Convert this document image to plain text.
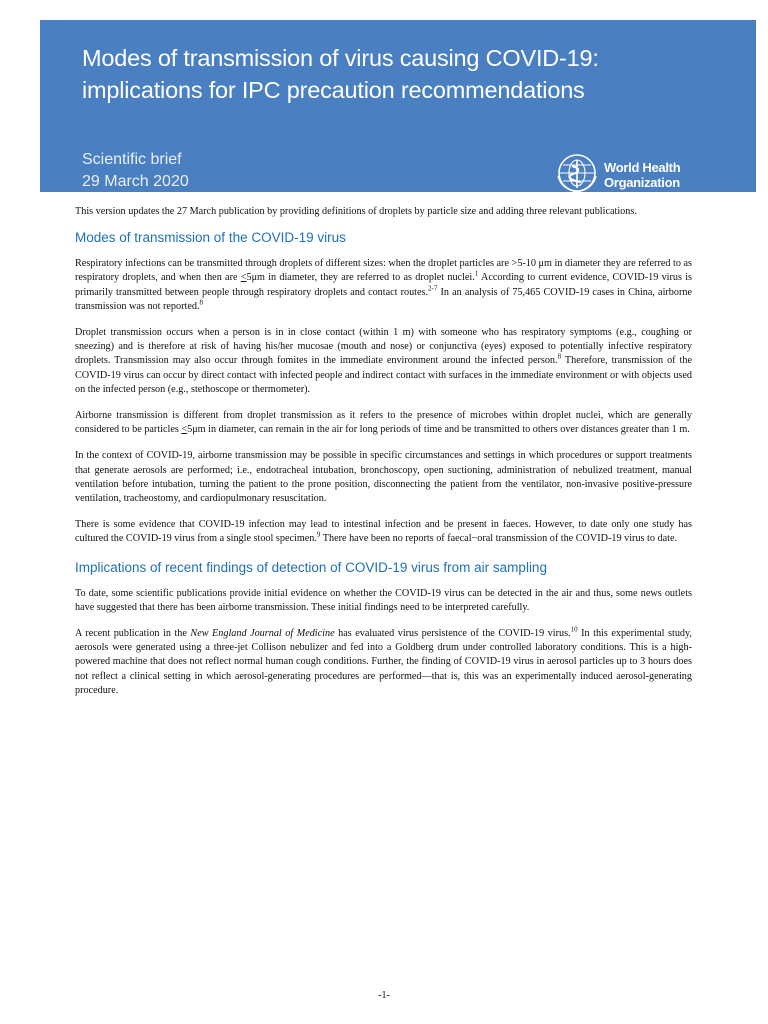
Modes of transmission of virus causing COVID-19: implications for IPC precaution recommendations
Scientific brief
29 March 2020
World Health
Organization

This version updates the 27 March publication by providing definitions of droplets by particle size and adding three relevant publications.

Modes of transmission of the COVID-19 virus

Respiratory infections can be transmitted through droplets of different sizes: when the droplet particles are >5-10 μm in diameter they are referred to as respiratory droplets, and when then are <5μm in diameter, they are referred to as droplet nuclei.$^1$ According to current evidence, COVID-19 virus is primarily transmitted between people through respiratory droplets and contact routes.$^{2-7}$ In an analysis of 75,465 COVID-19 cases in China, airborne transmission was not reported.$^8$

Droplet transmission occurs when a person is in in close contact (within 1 m) with someone who has respiratory symptoms (e.g., coughing or sneezing) and is therefore at risk of having his/her mucosae (mouth and nose) or conjunctiva (eyes) exposed to potentially infective respiratory droplets. Transmission may also occur through fomites in the immediate environment around the infected person.$^8$ Therefore, transmission of the COVID-19 virus can occur by direct contact with infected people and indirect contact with surfaces in the immediate environment or with objects used on the infected person (e.g., stethoscope or thermometer).

Airborne transmission is different from droplet transmission as it refers to the presence of microbes within droplet nuclei, which are generally considered to be particles <5μm in diameter, can remain in the air for long periods of time and be transmitted to others over distances greater than 1 m.

In the context of COVID-19, airborne transmission may be possible in specific circumstances and settings in which procedures or support treatments that generate aerosols are performed; i.e., endotracheal intubation, bronchoscopy, open suctioning, administration of nebulized treatment, manual ventilation before intubation, turning the patient to the prone position, disconnecting the patient from the ventilator, non-invasive positive-pressure ventilation, tracheostomy, and cardiopulmonary resuscitation.

There is some evidence that COVID-19 infection may lead to intestinal infection and be present in faeces. However, to date only one study has cultured the COVID-19 virus from a single stool specimen.$^9$ There have been no reports of faecal−oral transmission of the COVID-19 virus to date.

Implications of recent findings of detection of COVID-19 virus from air sampling

To date, some scientific publications provide initial evidence on whether the COVID-19 virus can be detected in the air and thus, some news outlets have suggested that there has been airborne transmission. These initial findings need to be interpreted carefully.

A recent publication in the New England Journal of Medicine has evaluated virus persistence of the COVID-19 virus.$^{10}$ In this experimental study, aerosols were generated using a three-jet Collison nebulizer and fed into a Goldberg drum under controlled laboratory conditions. This is a high-powered machine that does not reflect normal human cough conditions. Further, the finding of COVID-19 virus in aerosol particles up to 3 hours does not reflect a clinical setting in which aerosol-generating procedures are performed—that is, this was an experimentally induced aerosol-generating procedure.

-1-
